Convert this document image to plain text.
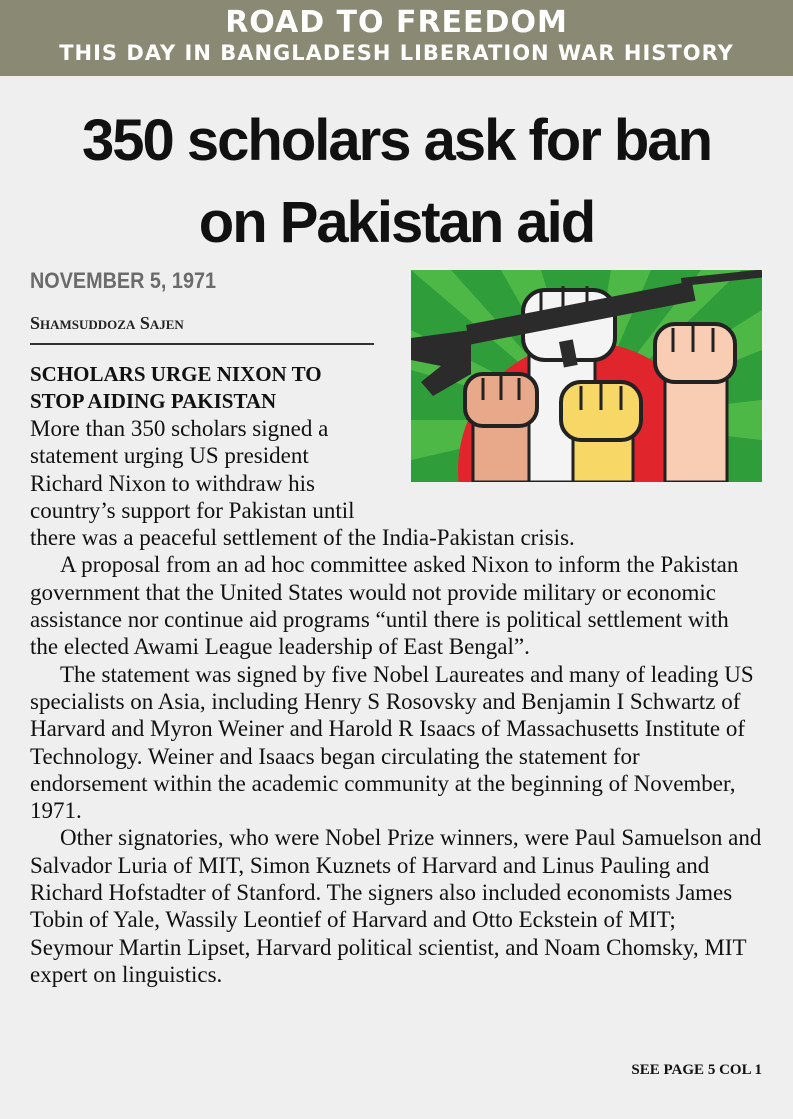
ROAD TO FREEDOM
THIS DAY IN BANGLADESH LIBERATION WAR HISTORY
350 scholars ask for ban
on Pakistan aid
NOVEMBER 5, 1971
Shamsuddoza Sajen
SCHOLARS URGE NIXON TO STOP AIDING PAKISTAN

More than 350 scholars signed a statement urging US president Richard Nixon to withdraw his country’s support for Pakistan until there was a peaceful settlement of the India-Pakistan crisis.

A proposal from an ad hoc committee asked Nixon to inform the Pakistan government that the United States would not provide military or economic assistance nor continue aid programs “until there is political settlement with the elected Awami League leadership of East Bengal”.

The statement was signed by five Nobel Laureates and many of leading US specialists on Asia, including Henry S Rosovsky and Benjamin I Schwartz of Harvard and Myron Weiner and Harold R Isaacs of Massachusetts Institute of Technology. Weiner and Isaacs began circulating the statement for endorsement within the academic community at the beginning of November, 1971.

Other signatories, who were Nobel Prize winners, were Paul Samuelson and Salvador Luria of MIT, Simon Kuznets of Harvard and Linus Pauling and Richard Hofstadter of Stanford. The signers also included economists James Tobin of Yale, Wassily Leontief of Harvard and Otto Eckstein of MIT; Seymour Martin Lipset, Harvard political scientist, and Noam Chomsky, MIT expert on linguistics.

SEE PAGE 5 COL 1
